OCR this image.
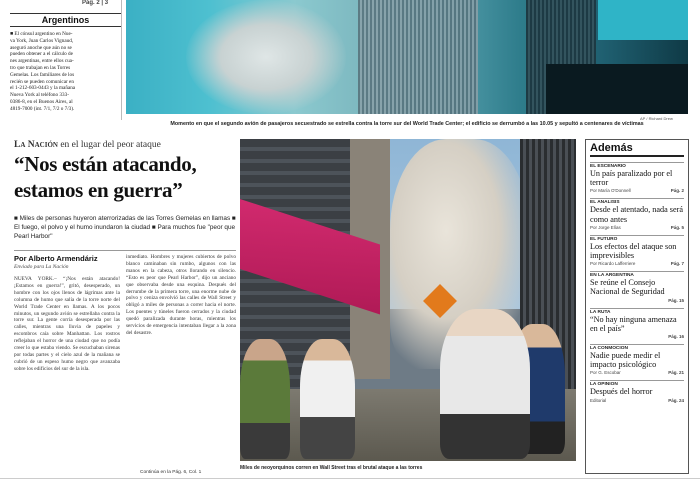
Pág. 2 | 3
Argentinos
■ El cónsul argentino en Nue-
va York, Juan Carlos Vignaud,
aseguró anoche que aún no se
pueden obtener a el cálculo de
nes argentinas, entre ellos cua-
tro que trabajan en las Torres
Gemelas. Los familiares de los
recién se pueden comunicar en
el 1-212-603-0443 y la mañana
Nueva York al teléfono 333-
0386-8, en el Buenos Aires, al
4819-7000 (int. 7/1, 7/2 o 7/3).
AP / Richard Drew
Momento en que el segundo avión de pasajeros secuestrado se estrella contra la torre sur del World Trade Center; el edificio se derrumbó a las 10.05 y sepultó a centenares de víctimas
La Nación en el lugar del peor ataque
“Nos están atacando, estamos en guerra”
■ Miles de personas huyeron aterrorizadas de las Torres Gemelas en llamas ■ El fuego, el polvo y el humo inundaron la ciudad ■ Para muchos fue "peor que Pearl Harbor"
Por Alberto Armendáriz
Enviado para La Nación
NUEVA YORK.– “¡Nos están atacando! ¡Estamos en guerra!”, gritó, desesperado, un hombre con los ojos llenos de lágrimas ante la columna de humo que salía de la torre norte del World Trade Center en llamas. A los pocos minutos, un segundo avión se estrellaba contra la torre sur. La gente corría desesperada por las calles, mientras una lluvia de papeles y escombros caía sobre Manhattan. Los rostros reflejaban el horror de una ciudad que no podía creer lo que estaba viendo. Se escuchaban sirenas por todas partes y el cielo azul de la mañana se cubrió de un espeso humo negro que avanzaba sobre los edificios del sur de la isla.
inmediato. Hombres y mujeres cubiertos de polvo blanco caminaban sin rumbo, algunos con las manos en la cabeza, otros llorando en silencio. “Esto es peor que Pearl Harbor”, dijo un anciano que observaba desde una esquina. Después del derrumbe de la primera torre, una enorme nube de polvo y ceniza envolvió las calles de Wall Street y obligó a miles de personas a correr hacia el norte. Los puentes y túneles fueron cerrados y la ciudad quedó paralizada durante horas, mientras los servicios de emergencia intentaban llegar a la zona del desastre.
Continúa en la Pág. 6, Col. 1
Miles de neoyorquinos corren en Wall Street tras el brutal ataque a las torres
Además
EL ESCENARIO
Un país paralizado por el terror
Por María O'Donnell	Pág. 2
EL ANALISIS
Desde el atentado, nada será como antes
Por Jorge Elías	Pág. 5
EL FUTURO
Los efectos del ataque son imprevisibles
Por Ricardo Lafferriere	Pág. 7
EN LA ARGENTINA
Se reúne el Consejo Nacional de Seguridad
Pág. 15
LA RUTA
“No hay ninguna amenaza en el país”
Pág. 16
LA CONMOCION
Nadie puede medir el impacto psicológico
Por G. Escobar	Pág. 21
LA OPINION
Después del horror
Editorial	Pág. 24
